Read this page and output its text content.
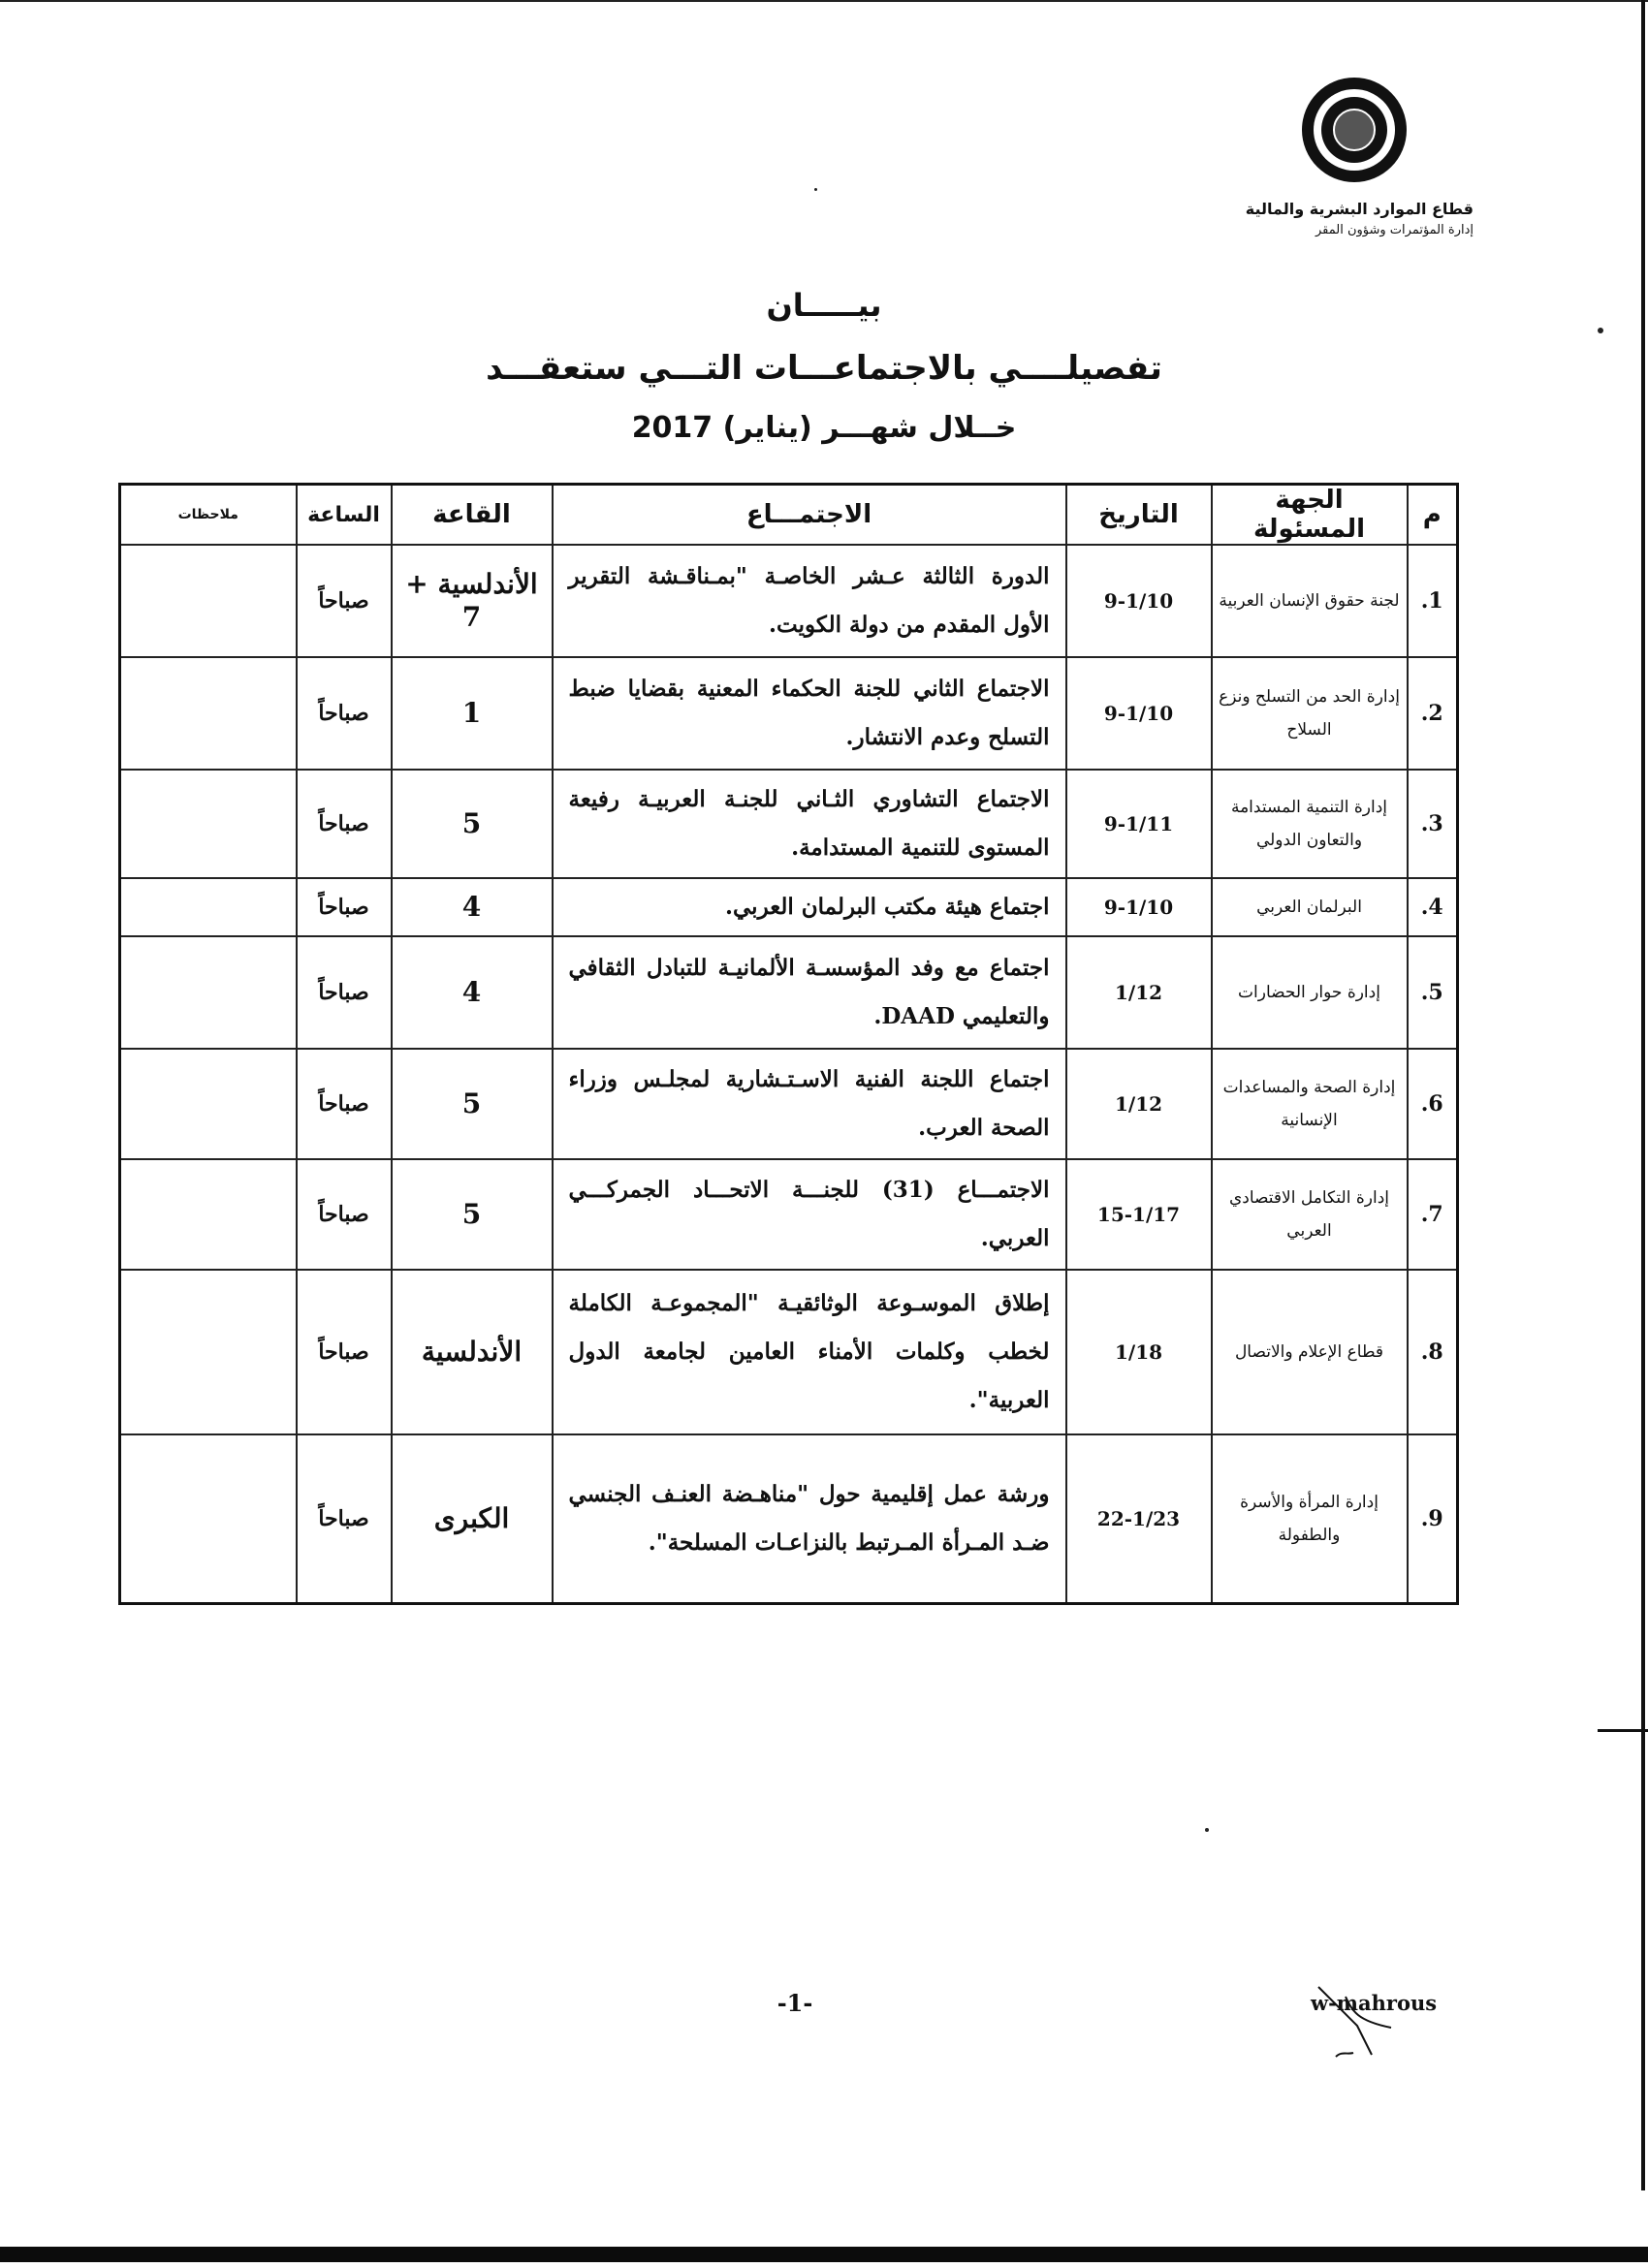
قطاع الموارد البشرية والمالية
إدارة المؤتمرات وشؤون المقر
بيـــــان
تفصيلــــي بالاجتماعـــات التـــي ستعقـــد
خــلال شهـــر (يناير) 2017
م	الجهة المسئولة	التاريخ	الاجتمـــاع	القاعة	الساعة	ملاحظات
1.	لجنة حقوق الإنسان العربية	9-1/10	الدورة الثالثة عـشر الخاصـة "بمـناقـشة التقرير الأول المقدم من دولة الكويت.	الأندلسية + 7	صباحاً	
2.	إدارة الحد من التسلح ونزع السلاح	9-1/10	الاجتماع الثاني للجنة الحكماء المعنية بقضايا ضبط التسلح وعدم الانتشار.	1	صباحاً	
3.	إدارة التنمية المستدامة والتعاون الدولي	9-1/11	الاجتماع التشاوري الثـاني للجنـة العربيـة رفيعة المستوى للتنمية المستدامة.	5	صباحاً	
4.	البرلمان العربي	9-1/10	اجتماع هيئة مكتب البرلمان العربي.	4	صباحاً	
5.	إدارة حوار الحضارات	1/12	اجتماع مع وفد المؤسسـة الألمانيـة للتبادل الثقافي والتعليمي DAAD.	4	صباحاً	
6.	إدارة الصحة والمساعدات الإنسانية	1/12	اجتماع اللجنة الفنية الاسـتـشارية لمجلـس وزراء الصحة العرب.	5	صباحاً	
7.	إدارة التكامل الاقتصادي العربي	15-1/17	الاجتمـــاع (31) للجنـــة الاتحـــاد الجمركـــي العربي.	5	صباحاً	
8.	قطاع الإعلام والاتصال	1/18	إطلاق الموسـوعة الوثائقيـة "المجموعـة الكاملة لخطب وكلمات الأمناء العامين لجامعة الدول العربية".	الأندلسية	صباحاً	
9.	إدارة المرأة والأسرة والطفولة	22-1/23	ورشة عمل إقليمية حول "مناهـضة العنـف الجنسي ضـد المـرأة المـرتبط بالنزاعـات المسلحة".	الكبرى	صباحاً	
-1-	w-mahrous
